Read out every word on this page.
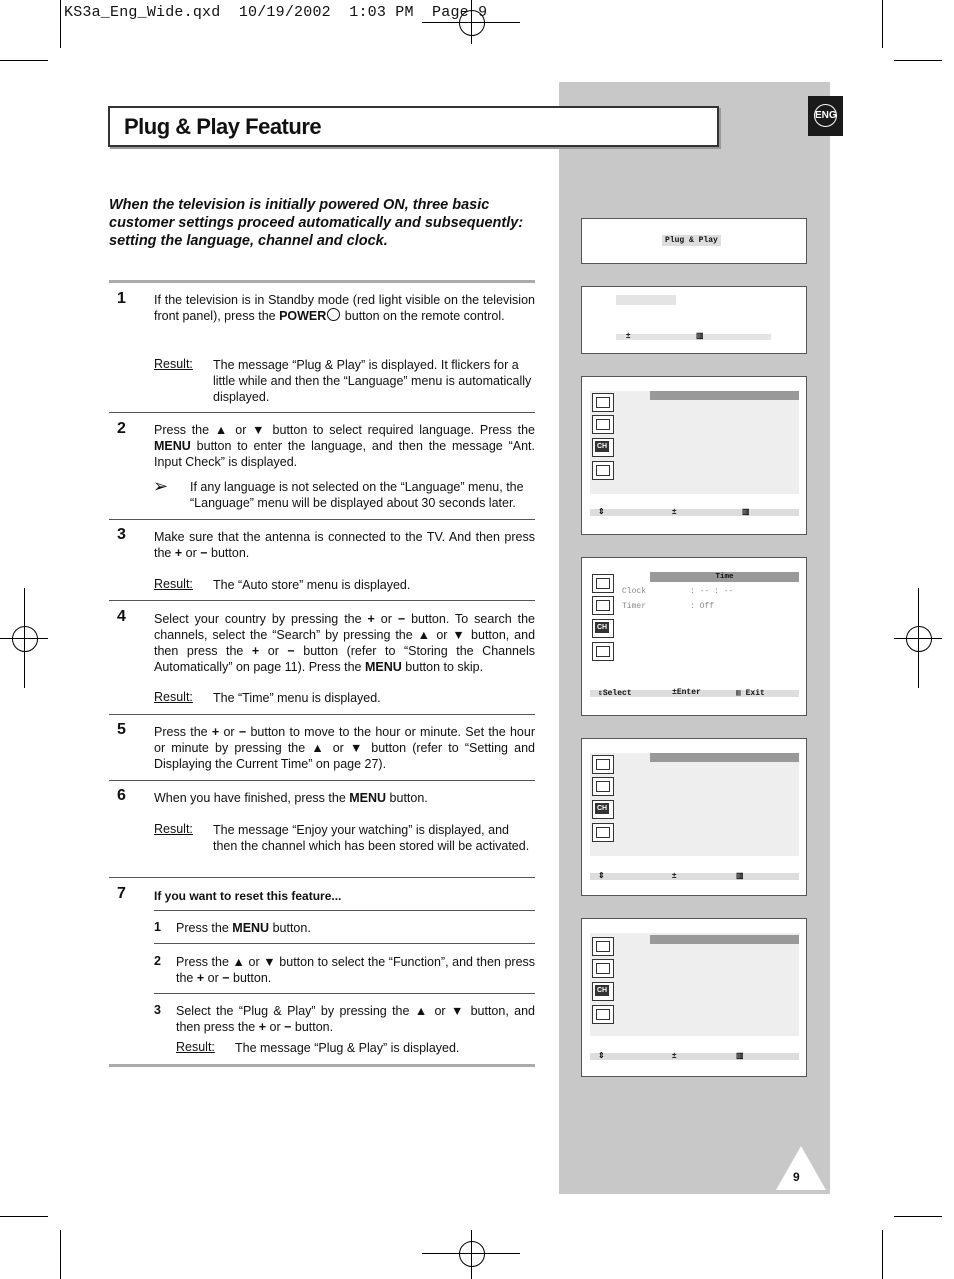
KS3a_Eng_Wide.qxd  10/19/2002  1:03 PM  Page 9
ENG
Plug & Play Feature
When the television is initially powered ON, three basic customer settings proceed automatically and subsequently: setting the language, channel and clock.
1 If the television is in Standby mode (red light visible on the television front panel), press the POWER button on the remote control.
Result: The message “Plug & Play” is displayed. It flickers for a little while and then the “Language” menu is automatically displayed.
2 Press the ▲ or ▼ button to select required language. Press the MENU button to enter the language, and then the message “Ant. Input Check” is displayed.
➢ If any language is not selected on the “Language” menu, the “Language” menu will be displayed about 30 seconds later.
3 Make sure that the antenna is connected to the TV. And then press the + or − button.
Result: The “Auto store” menu is displayed.
4 Select your country by pressing the + or − button. To search the channels, select the “Search” by pressing the ▲ or ▼ button, and then press the + or − button (refer to “Storing the Channels Automatically” on page 11). Press the MENU button to skip.
Result: The “Time” menu is displayed.
5 Press the + or − button to move to the hour or minute. Set the hour or minute by pressing the ▲ or ▼ button (refer to “Setting and Displaying the Current Time” on page 27).
6 When you have finished, press the MENU button.
Result: The message “Enjoy your watching” is displayed, and then the channel which has been stored will be activated.
7 If you want to reset this feature...
1 Press the MENU button.
2 Press the ▲ or ▼ button to select the “Function”, and then press the + or − button.
3 Select the “Plug & Play” by pressing the ▲ or ▼ button, and then press the + or − button.
Result: The message “Plug & Play” is displayed.
Plug & Play
±	▥
CH
⇕	±	▥
Time
CH
Clock	: -- : --
Timer	: Off
⇕Select	±Enter	▥ Exit
CH
⇕	±	▥
CH
⇕	±	▥
9
